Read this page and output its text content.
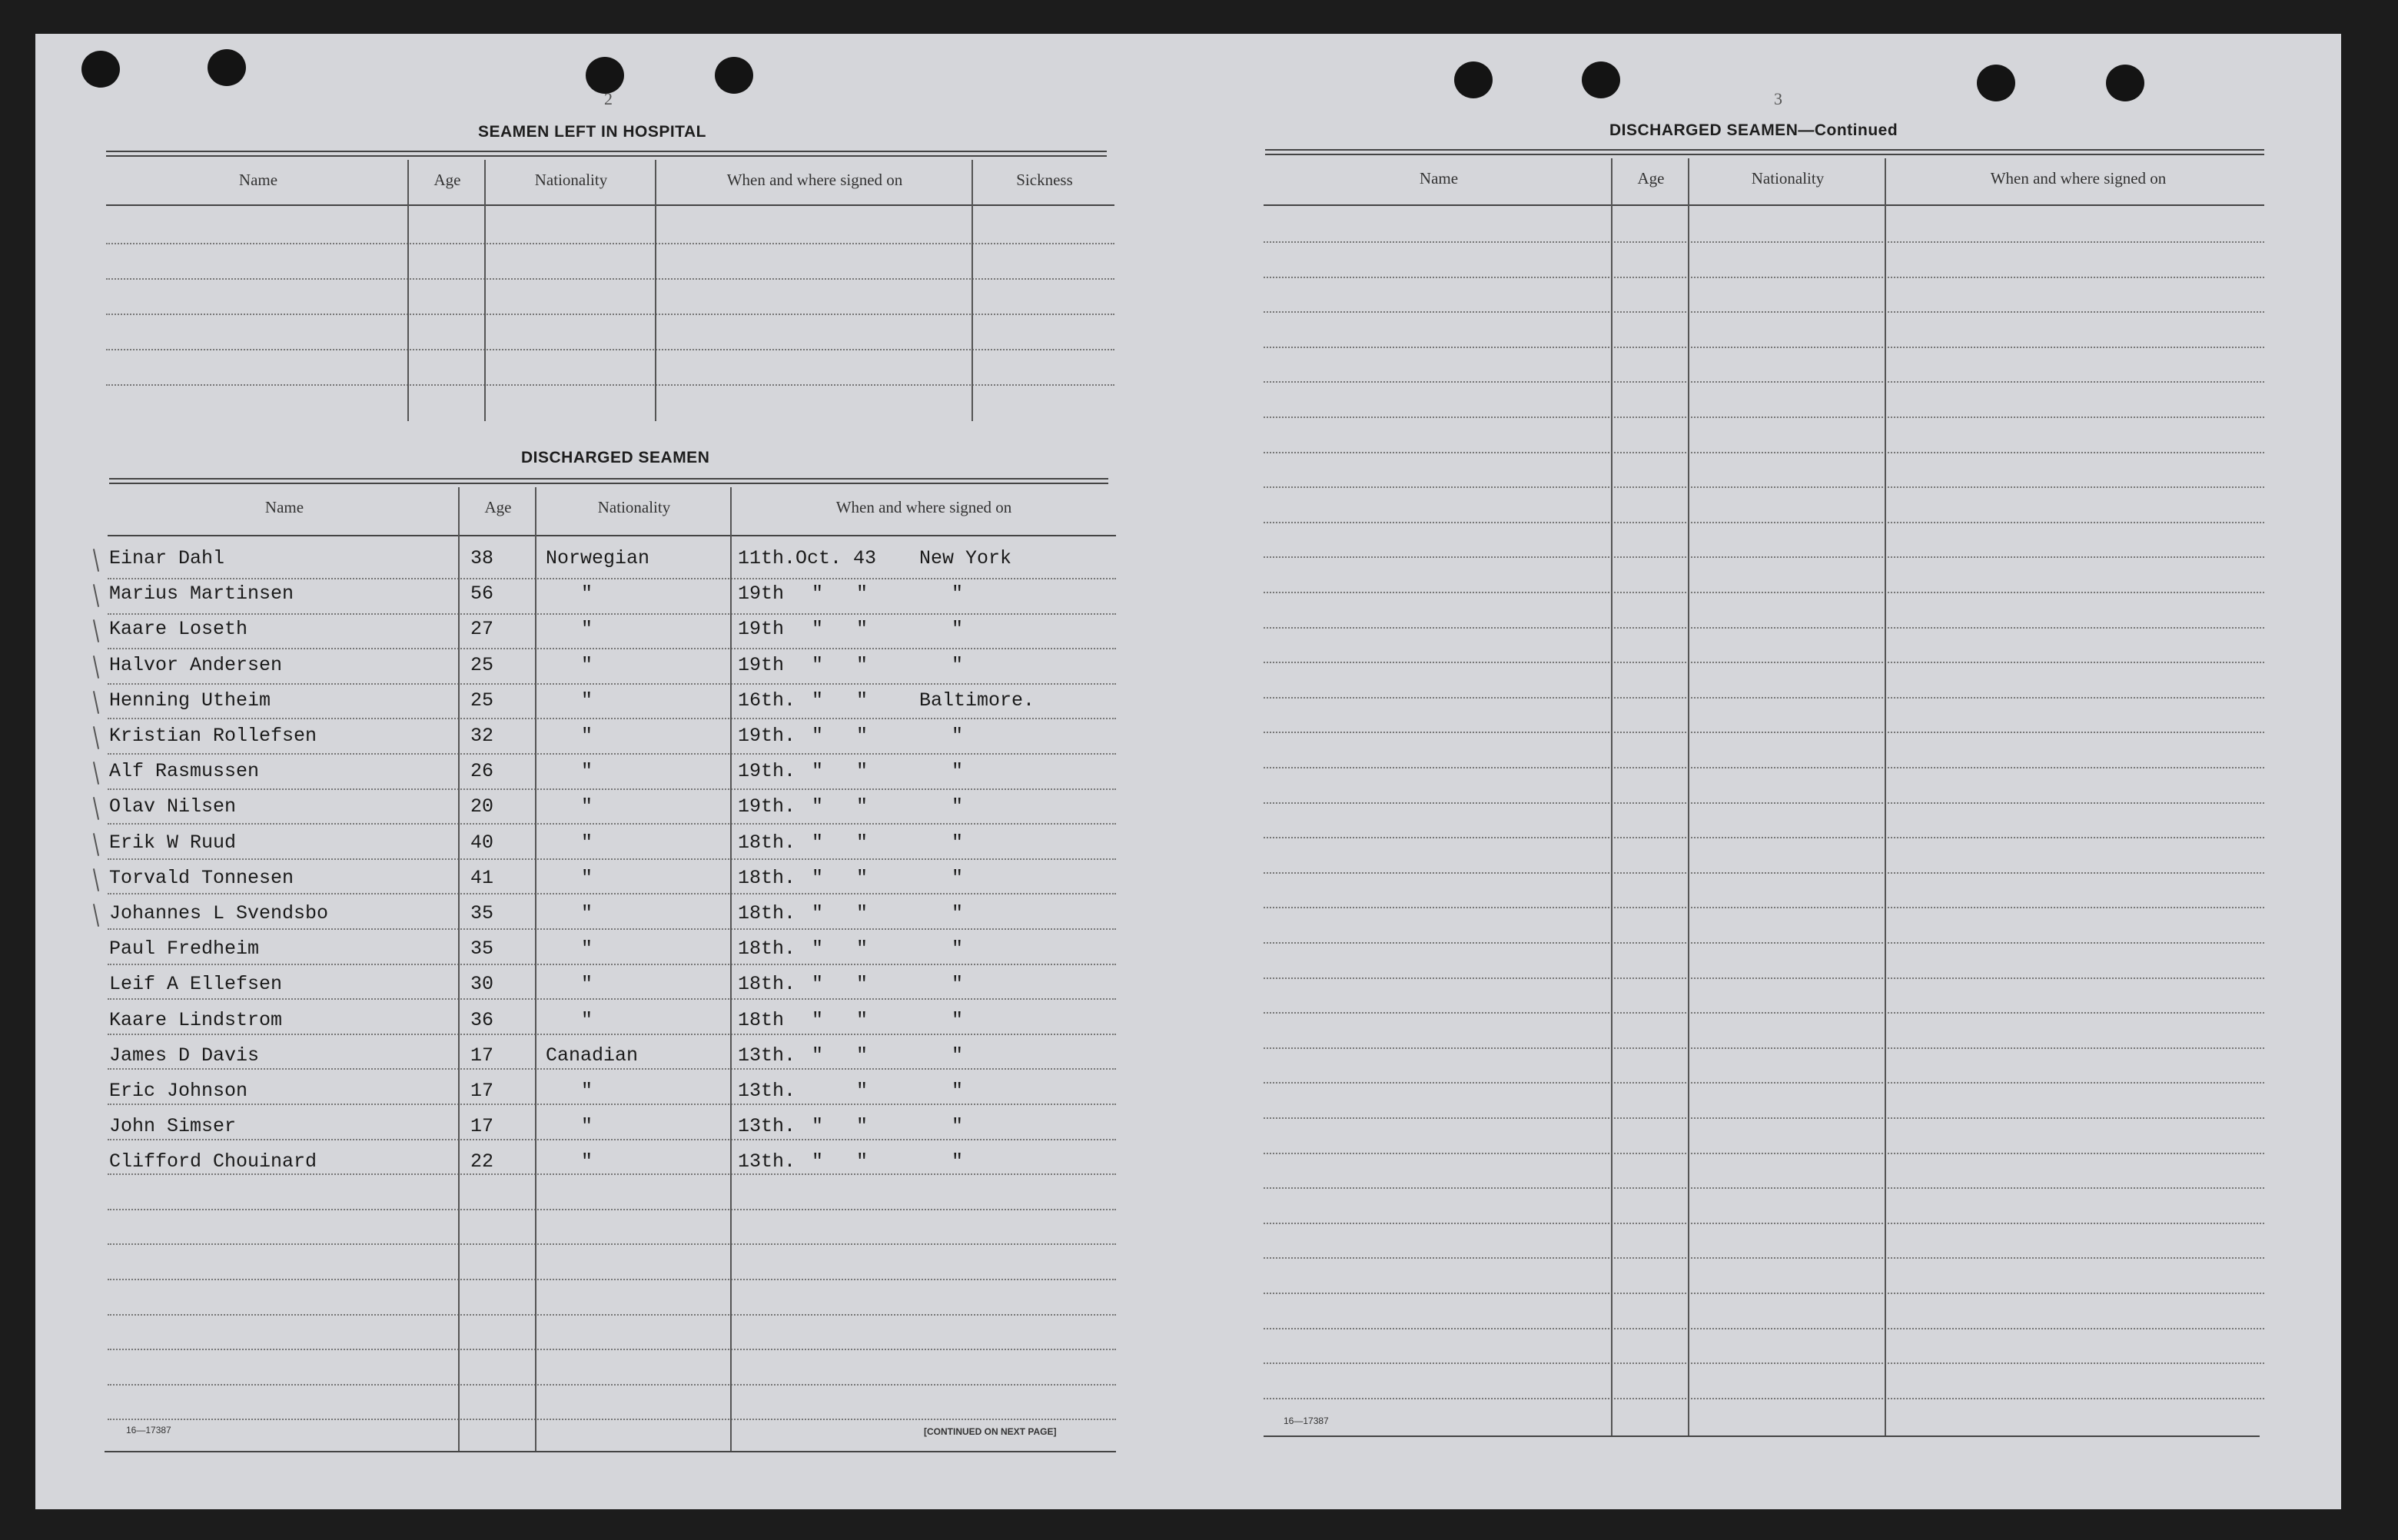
2
SEAMEN LEFT IN HOSPITAL
Name	Age	Nationality	When and where signed on	Sickness
DISCHARGED SEAMEN
Name	Age	Nationality	When and where signed on
Einar Dahl	38	Norwegian	11th.Oct. 43 New York
Marius Martinsen	56	"	19th " "	"
Kaare Loseth	27	"	19th " "	"
Halvor Andersen	25	"	19th " "	"
Henning Utheim	25	"	16th. " "	Baltimore.
Kristian Rollefsen	32	"	19th. " "	"
Alf Rasmussen	26	"	19th. " "	"
Olav Nilsen	20	"	19th. " "	"
Erik W Ruud	40	"	18th. " "	"
Torvald Tonnesen	41	"	18th. " "	"
Johannes L Svendsbo	35	"	18th. " "	"
Paul Fredheim	35	"	18th. " "	"
Leif A Ellefsen	30	"	18th. " "	"
Kaare Lindstrom	36	"	18th " "	"
James D Davis	17	Canadian	13th. " "	"
Eric Johnson	17	"	13th.	"	"
John Simser	17	"	13th. " "	"
Clifford Chouinard	22	"	13th. " "	"
16—17387	[CONTINUED ON NEXT PAGE]
3
DISCHARGED SEAMEN—Continued
Name	Age	Nationality	When and where signed on
16—17387
